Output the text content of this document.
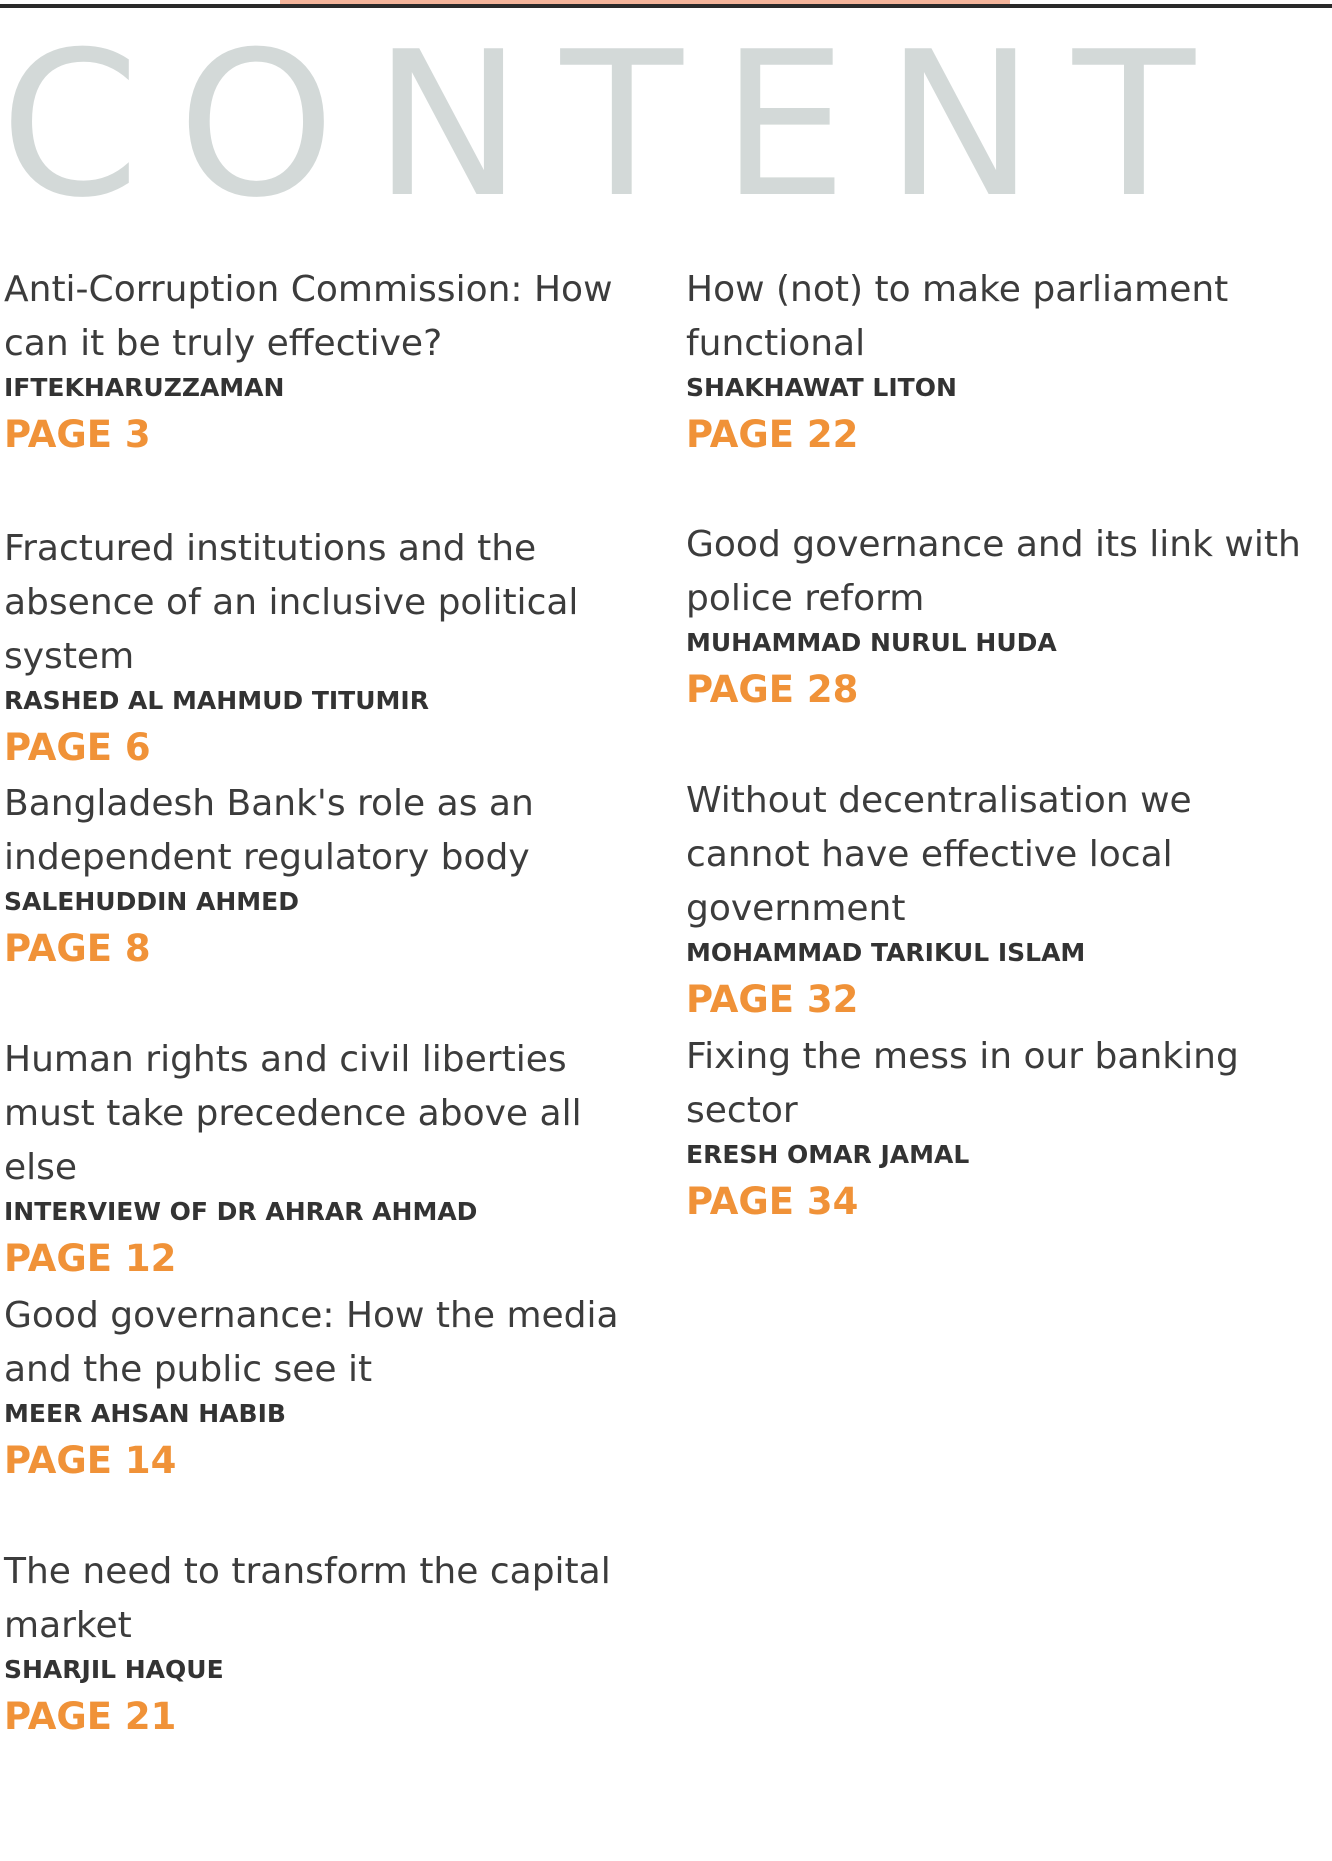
CONTENT

Anti-Corruption Commission: How can it be truly effective?

IFTEKHARUZZAMAN

PAGE 3

Fractured institutions and the absence of an inclusive political system

RASHED AL MAHMUD TITUMIR

PAGE 6

Bangladesh Bank's role as an independent regulatory body

SALEHUDDIN AHMED

PAGE 8

Human rights and civil liberties must take precedence above all else

INTERVIEW OF DR AHRAR AHMAD

PAGE 12

Good governance: How the media and the public see it

MEER AHSAN HABIB

PAGE 14

The need to transform the capital market

SHARJIL HAQUE

PAGE 21

How (not) to make parliament functional

SHAKHAWAT LITON

PAGE 22

Good governance and its link with police reform

MUHAMMAD NURUL HUDA

PAGE 28

Without decentralisation we cannot have effective local government

MOHAMMAD TARIKUL ISLAM

PAGE 32

Fixing the mess in our banking sector

ERESH OMAR JAMAL

PAGE 34
